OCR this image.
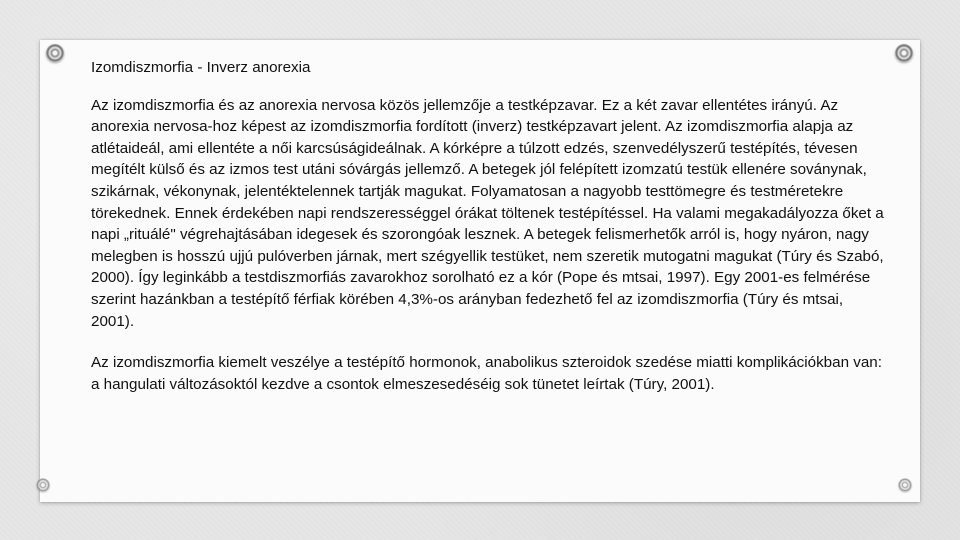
Izomdiszmorfia - Inverz anorexia

Az izomdiszmorfia és az anorexia nervosa közös jellemzője a testképzavar. Ez a két zavar ellentétes irányú. Az anorexia nervosa-hoz képest az izomdiszmorfia fordított (inverz) testképzavart jelent. Az izomdiszmorfia alapja az atlétaideál, ami ellentéte a női karcsúságideálnak. A kórképre a túlzott edzés, szenvedélyszerű testépítés, tévesen megítélt külső és az izmos test utáni sóvárgás jellemző. A betegek jól felépített izomzatú testük ellenére soványnak, szikárnak, vékonynak, jelentéktelennek tartják magukat. Folyamatosan a nagyobb testtömegre és testméretekre törekednek. Ennek érdekében napi rendszerességgel órákat töltenek testépítéssel. Ha valami megakadályozza őket a napi „rituálé" végrehajtásában idegesek és szorongóak lesznek. A betegek felismerhetők arról is, hogy nyáron, nagy melegben is hosszú ujjú pulóverben járnak, mert szégyellik testüket, nem szeretik mutogatni magukat (Túry és Szabó, 2000). Így leginkább a testdiszmorfiás zavarokhoz sorolható ez a kór (Pope és mtsai, 1997). Egy 2001-es felmérése szerint hazánkban a testépítő férfiak körében 4,3%-os arányban fedezhető fel az izomdiszmorfia (Túry és mtsai, 2001).

Az izomdiszmorfia kiemelt veszélye a testépítő hormonok, anabolikus szteroidok szedése miatti komplikációkban van: a hangulati változásoktól kezdve a csontok elmeszesedéséig sok tünetet leírtak (Túry, 2001).
